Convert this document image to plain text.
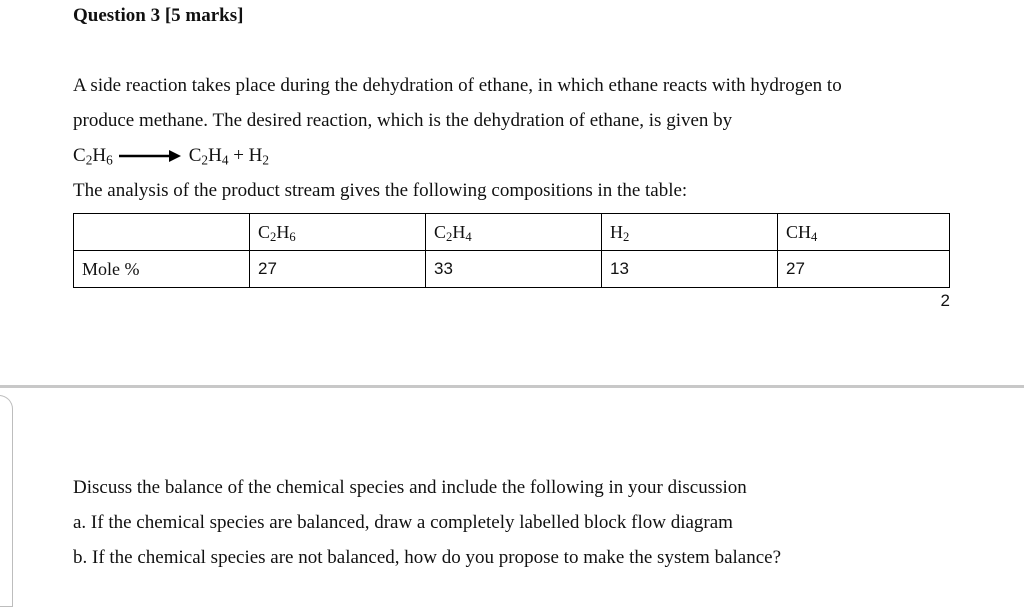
Question 3 [5 marks]
A side reaction takes place during the dehydration of ethane, in which ethane reacts with hydrogen to
produce methane. The desired reaction, which is the dehydration of ethane, is given by
$C_2H_6 \to C_2H_4 + H_2$
The analysis of the product stream gives the following compositions in the table:
	$C_2H_6$	$C_2H_4$	$H_2$	$CH_4$
Mole %	27	33	13	27
2
Discuss the balance of the chemical species and include the following in your discussion
a. If the chemical species are balanced, draw a completely labelled block flow diagram
b. If the chemical species are not balanced, how do you propose to make the system balance?
